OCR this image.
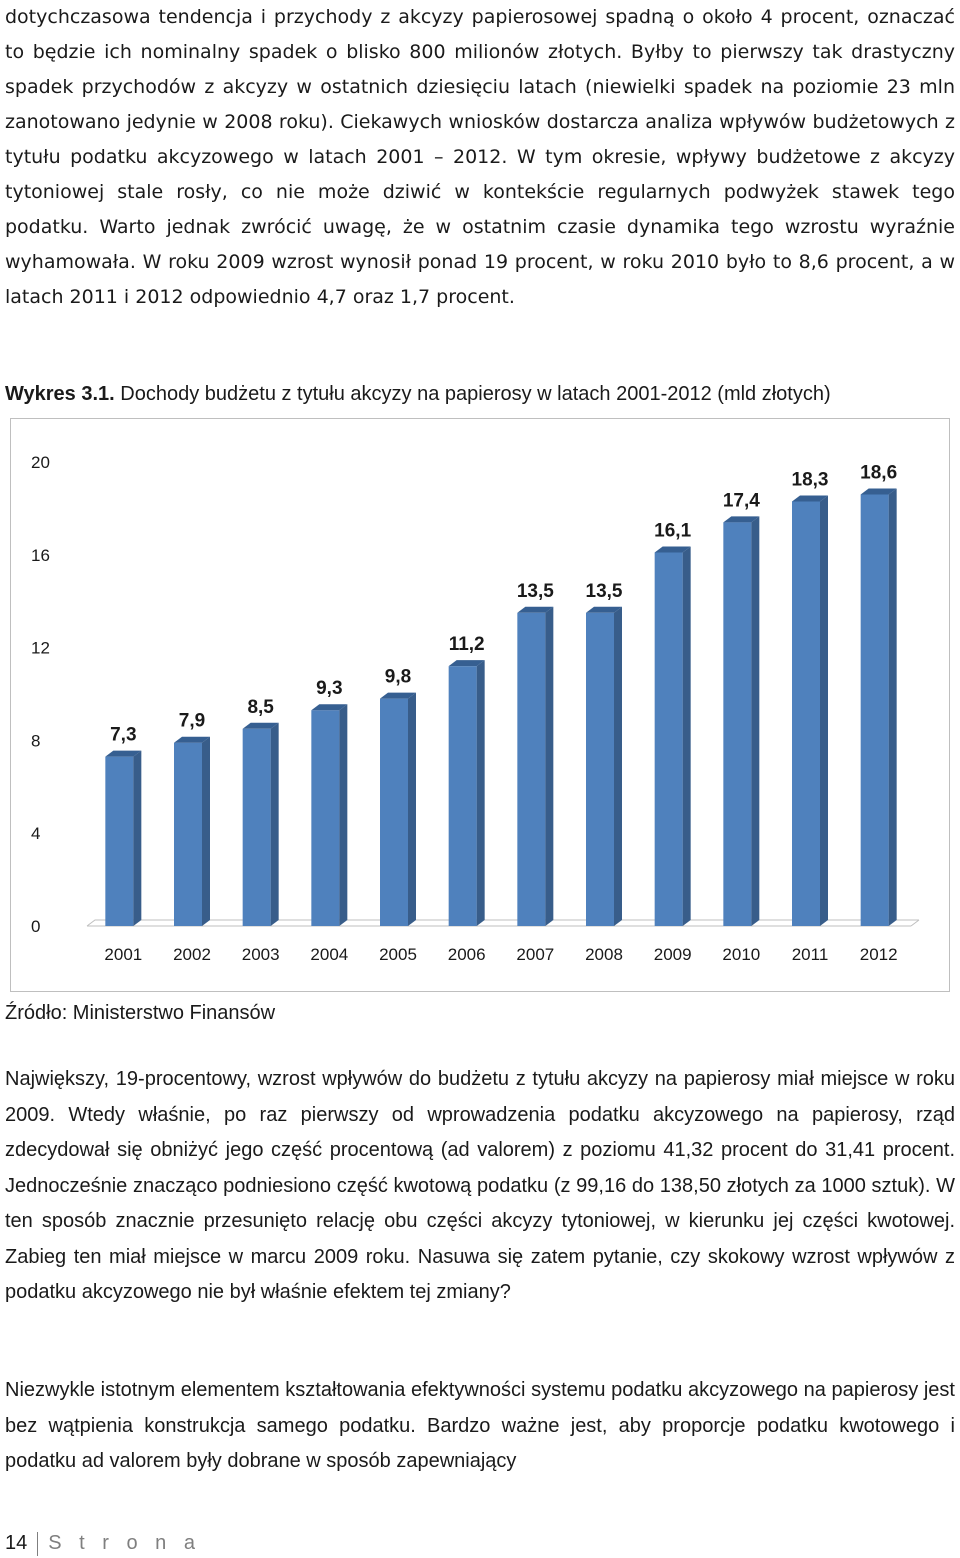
dotychczasowa tendencja i przychody z akcyzy papierosowej spadną o około 4 procent, oznaczać to będzie ich nominalny spadek o blisko 800 milionów złotych. Byłby to pierwszy tak drastyczny spadek przychodów z akcyzy w ostatnich dziesięciu latach (niewielki spadek na poziomie 23 mln zanotowano jedynie w 2008 roku). Ciekawych wniosków dostarcza analiza wpływów budżetowych z tytułu podatku akcyzowego w latach 2001 – 2012. W tym okresie, wpływy budżetowe z akcyzy tytoniowej stale rosły, co nie może dziwić w kontekście regularnych podwyżek stawek tego podatku. Warto jednak zwrócić uwagę, że w ostatnim czasie dynamika tego wzrostu wyraźnie wyhamowała. W roku 2009 wzrost wynosił ponad 19 procent, w roku 2010 było to 8,6 procent, a w latach 2011 i 2012 odpowiednio 4,7 oraz 1,7 procent.

Wykres 3.1. Dochody budżetu z tytułu akcyzy na papierosy w latach 2001-2012 (mld złotych)
0
4
8
12
16
20
7,3
2001
7,9
2002
8,5
2003
9,3
2004
9,8
2005
11,2
2006
13,5
2007
13,5
2008
16,1
2009
17,4
2010
18,3
2011
18,6
2012
Źródło: Ministerstwo Finansów

Największy, 19-procentowy, wzrost wpływów do budżetu z tytułu akcyzy na papierosy miał miejsce w roku 2009. Wtedy właśnie, po raz pierwszy od wprowadzenia podatku akcyzowego na papierosy, rząd zdecydował się obniżyć jego część procentową (ad valorem) z poziomu 41,32 procent do 31,41 procent. Jednocześnie znacząco podniesiono część kwotową podatku (z 99,16 do 138,50 złotych za 1000 sztuk). W ten sposób znacznie przesunięto relację obu części akcyzy tytoniowej, w kierunku jej części kwotowej. Zabieg ten miał miejsce w marcu 2009 roku. Nasuwa się zatem pytanie, czy skokowy wzrost wpływów z podatku akcyzowego nie był właśnie efektem tej zmiany?

Niezwykle istotnym elementem kształtowania efektywności systemu podatku akcyzowego na papierosy jest bez wątpienia konstrukcja samego podatku. Bardzo ważne jest, aby proporcje podatku kwotowego i podatku ad valorem były dobrane w sposób zapewniający

14 S t r o n a
